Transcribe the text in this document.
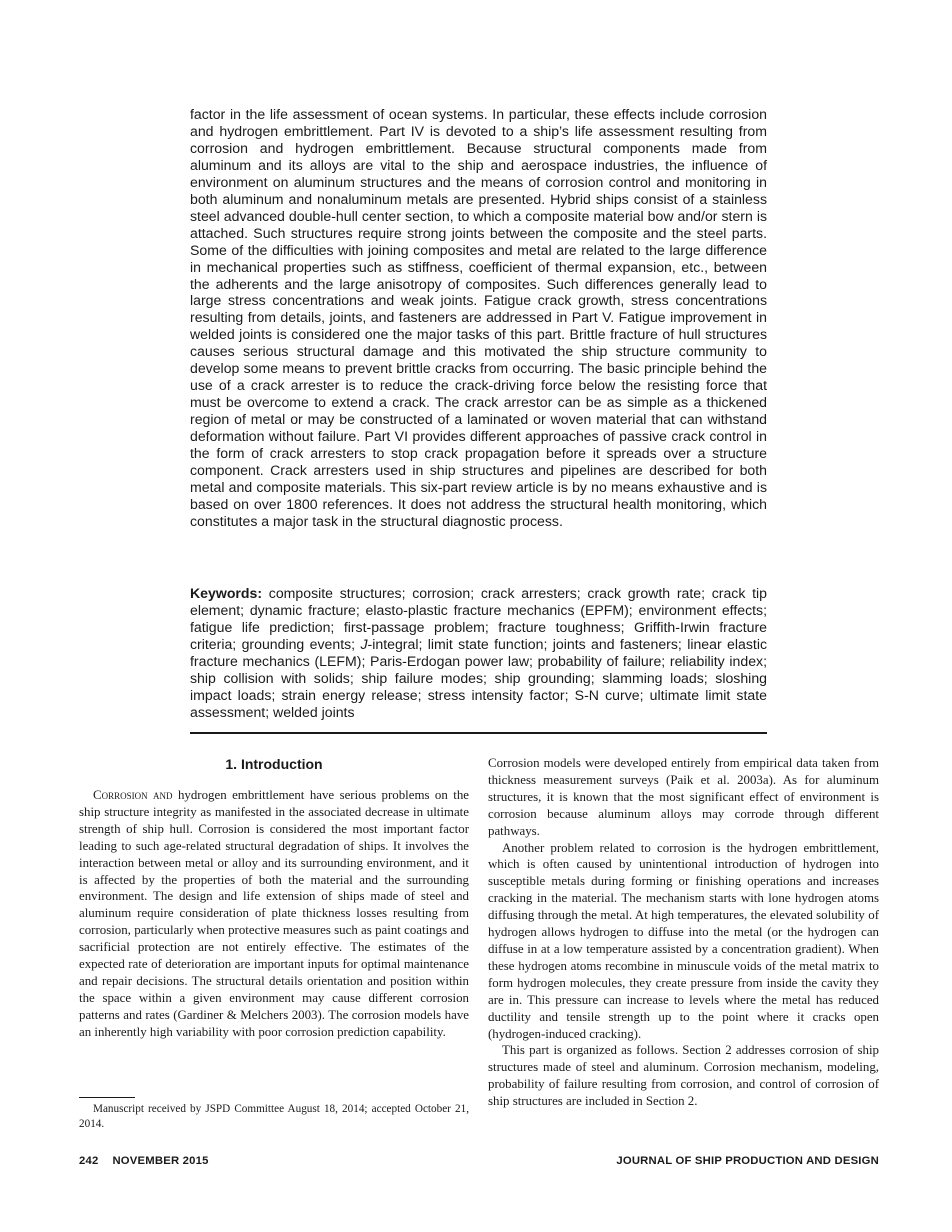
factor in the life assessment of ocean systems. In particular, these effects include corrosion and hydrogen embrittlement. Part IV is devoted to a ship’s life assessment resulting from corrosion and hydrogen embrittlement. Because structural components made from aluminum and its alloys are vital to the ship and aerospace industries, the influence of environment on aluminum structures and the means of corrosion control and monitoring in both aluminum and nonaluminum metals are presented. Hybrid ships consist of a stainless steel advanced double-hull center section, to which a composite material bow and/or stern is attached. Such structures require strong joints between the composite and the steel parts. Some of the difficulties with joining composites and metal are related to the large difference in mechanical properties such as stiffness, coefficient of thermal expansion, etc., between the adherents and the large anisotropy of composites. Such differences generally lead to large stress concentrations and weak joints. Fatigue crack growth, stress concentrations resulting from details, joints, and fasteners are addressed in Part V. Fatigue improvement in welded joints is considered one the major tasks of this part. Brittle fracture of hull structures causes serious structural damage and this motivated the ship structure community to develop some means to prevent brittle cracks from occurring. The basic principle behind the use of a crack arrester is to reduce the crack-driving force below the resisting force that must be overcome to extend a crack. The crack arrestor can be as simple as a thickened region of metal or may be constructed of a laminated or woven material that can withstand deformation without failure. Part VI provides different approaches of passive crack control in the form of crack arresters to stop crack propagation before it spreads over a structure component. Crack arresters used in ship structures and pipelines are described for both metal and composite materials. This six-part review article is by no means exhaustive and is based on over 1800 references. It does not address the structural health monitoring, which constitutes a major task in the structural diagnostic process.

Keywords: composite structures; corrosion; crack arresters; crack growth rate; crack tip element; dynamic fracture; elasto-plastic fracture mechanics (EPFM); environment effects; fatigue life prediction; first-passage problem; fracture toughness; Griffith-Irwin fracture criteria; grounding events; J-integral; limit state function; joints and fasteners; linear elastic fracture mechanics (LEFM); Paris-Erdogan power law; probability of failure; reliability index; ship collision with solids; ship failure modes; ship grounding; slamming loads; sloshing impact loads; strain energy release; stress intensity factor; S-N curve; ultimate limit state assessment; welded joints

1. Introduction

Corrosion and hydrogen embrittlement have serious problems on the ship structure integrity as manifested in the associated decrease in ultimate strength of ship hull. Corrosion is considered the most important factor leading to such age-related structural degradation of ships. It involves the interaction between metal or alloy and its surrounding environment, and it is affected by the properties of both the material and the surrounding environment. The design and life extension of ships made of steel and aluminum require consideration of plate thickness losses resulting from corrosion, particularly when protective measures such as paint coatings and sacrificial protection are not entirely effective. The estimates of the expected rate of deterioration are important inputs for optimal maintenance and repair decisions. The structural details orientation and position within the space within a given environment may cause different corrosion patterns and rates (Gardiner & Melchers 2003). The corrosion models have an inherently high variability with poor corrosion prediction capability.

Corrosion models were developed entirely from empirical data taken from thickness measurement surveys (Paik et al. 2003a). As for aluminum structures, it is known that the most significant effect of environment is corrosion because aluminum alloys may corrode through different pathways.

Another problem related to corrosion is the hydrogen embrittlement, which is often caused by unintentional introduction of hydrogen into susceptible metals during forming or finishing operations and increases cracking in the material. The mechanism starts with lone hydrogen atoms diffusing through the metal. At high temperatures, the elevated solubility of hydrogen allows hydrogen to diffuse into the metal (or the hydrogen can diffuse in at a low temperature assisted by a concentration gradient). When these hydrogen atoms recombine in minuscule voids of the metal matrix to form hydrogen molecules, they create pressure from inside the cavity they are in. This pressure can increase to levels where the metal has reduced ductility and tensile strength up to the point where it cracks open (hydrogen-induced cracking).

This part is organized as follows. Section 2 addresses corrosion of ship structures made of steel and aluminum. Corrosion mechanism, modeling, probability of failure resulting from corrosion, and control of corrosion of ship structures are included in Section 2.

Manuscript received by JSPD Committee August 18, 2014; accepted October 21, 2014.

242 NOVEMBER 2015	JOURNAL OF SHIP PRODUCTION AND DESIGN
